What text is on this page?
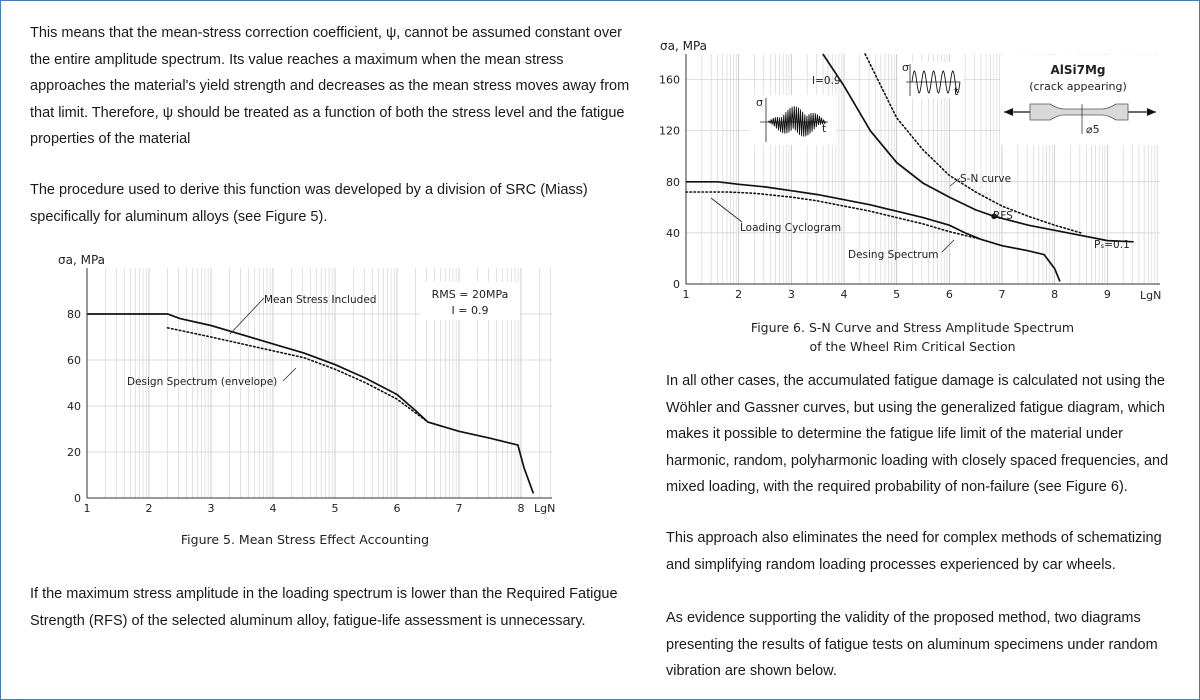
This means that the mean-stress correction coefficient, ψ, cannot be assumed constant over the entire amplitude spectrum. Its value reaches a maximum when the mean stress approaches the material's yield strength and decreases as the mean stress moves away from that limit. Therefore, ψ should be treated as a function of both the stress level and the fatigue properties of the material

The procedure used to derive this function was developed by a division of SRC (Miass) specifically for aluminum alloys (see Figure 5).

If the maximum stress amplitude in the loading spectrum is lower than the Required Fatigue Strength (RFS) of the selected aluminum alloy, fatigue-life assessment is unnecessary.

In all other cases, the accumulated fatigue damage is calculated not using the Wöhler and Gassner curves, but using the generalized fatigue diagram, which makes it possible to determine the fatigue life limit of the material under harmonic, random, polyharmonic loading with closely spaced frequencies, and mixed loading, with the required probability of non-failure (see Figure 6).

This approach also eliminates the need for complex methods of schematizing and simplifying random loading processes experienced by car wheels.

As evidence supporting the validity of the proposed method, two diagrams presenting the results of fatigue tests on aluminum specimens under random vibration are shown below.

0
20
40
60
80
1	2	3	4	5	6	7	8
σa, MPa
LgN
RMS = 20MPa
I = 0.9
Mean Stress Included
Design Spectrum (envelope)

Figure 5. Mean Stress Effect Accounting

0
40
80
120
160
1	2	3	4	5	6	7	8	9
σa, MPa
LgN
σ
t
σ
t
AlSi7Mg
(crack appearing)
⌀5
I=0.9
S-N curve
RFS
Pₛ=0.1
Loading Cyclogram
Desing Spectrum

Figure 6. S-N Curve and Stress Amplitude Spectrum

of the Wheel Rim Critical Section
